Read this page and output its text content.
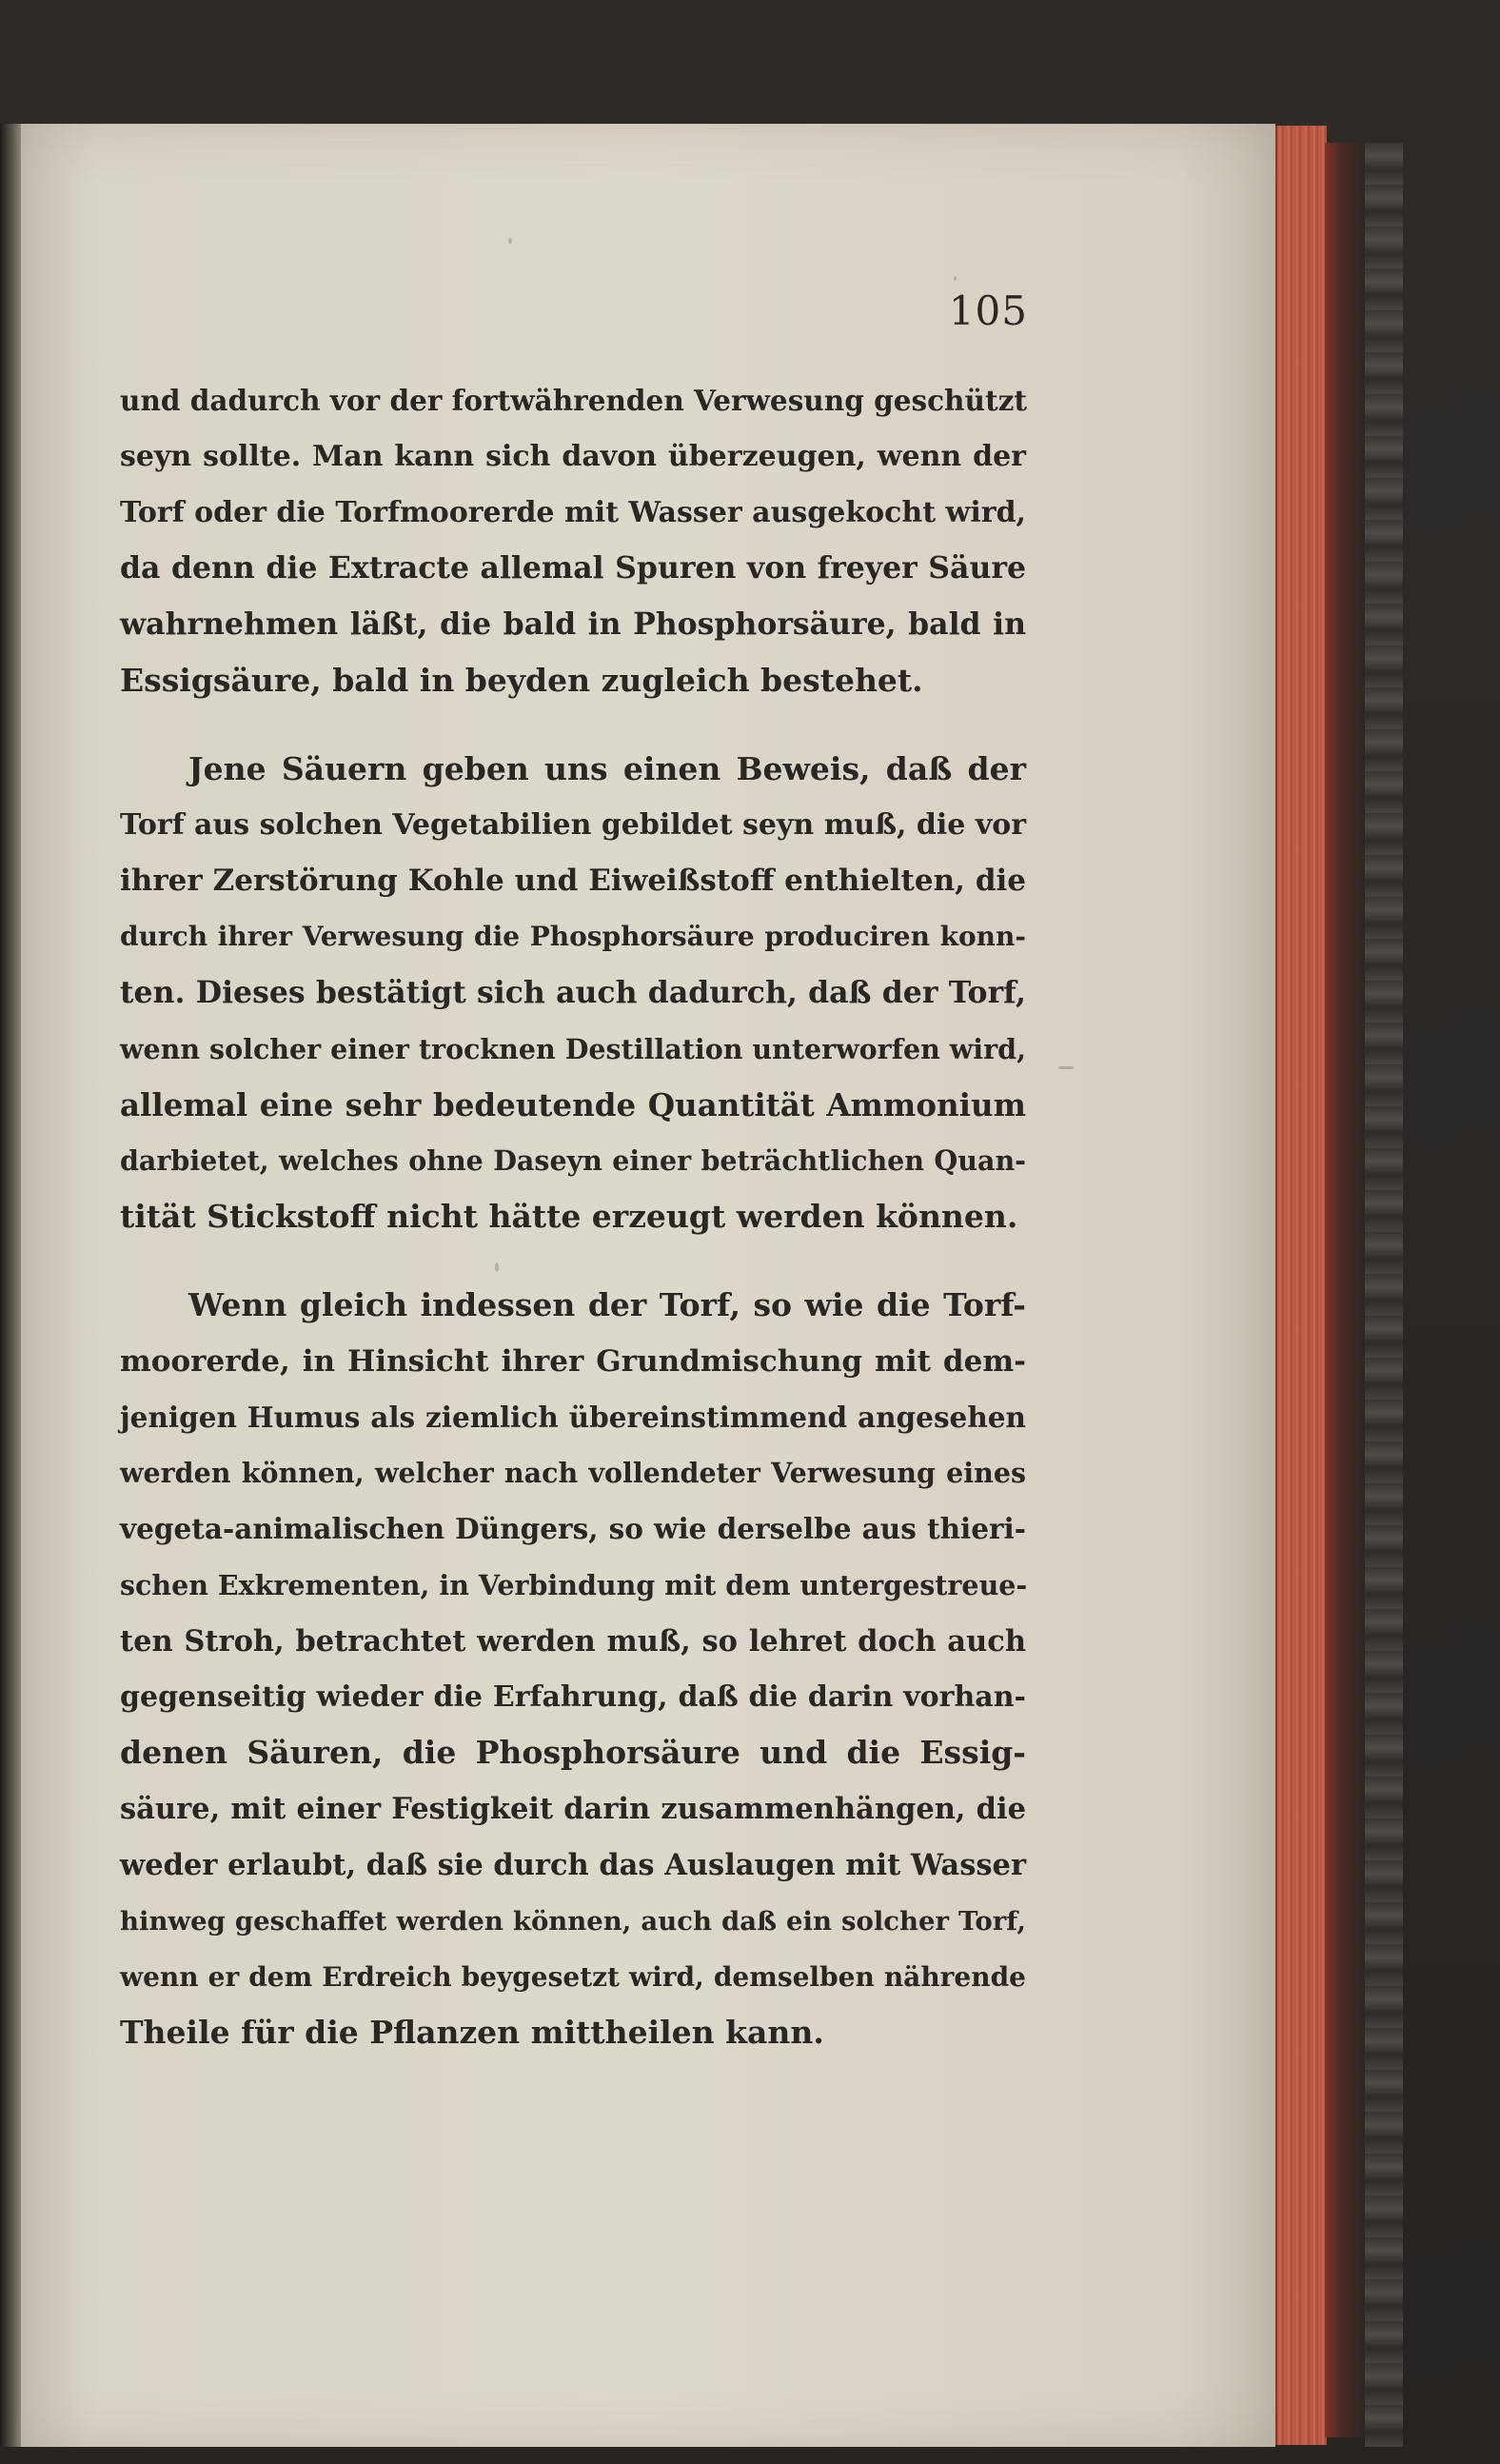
105
und dadurch vor der fortwährenden Verwesung geschützt
seyn sollte. Man kann sich davon überzeugen, wenn der
Torf oder die Torfmoorerde mit Wasser ausgekocht wird,
da denn die Extracte allemal Spuren von freyer Säure
wahrnehmen läßt, die bald in Phosphorsäure, bald in
Essigsäure, bald in beyden zugleich bestehet.
Jene Säuern geben uns einen Beweis, daß der
Torf aus solchen Vegetabilien gebildet seyn muß, die vor
ihrer Zerstörung Kohle und Eiweißstoff enthielten, die
durch ihrer Verwesung die Phosphorsäure produciren konn-
ten. Dieses bestätigt sich auch dadurch, daß der Torf,
wenn solcher einer trocknen Destillation unterworfen wird,
allemal eine sehr bedeutende Quantität Ammonium
darbietet, welches ohne Daseyn einer beträchtlichen Quan-
tität Stickstoff nicht hätte erzeugt werden können.
Wenn gleich indessen der Torf, so wie die Torf-
moorerde, in Hinsicht ihrer Grundmischung mit dem-
jenigen Humus als ziemlich übereinstimmend angesehen
werden können, welcher nach vollendeter Verwesung eines
vegeta-animalischen Düngers, so wie derselbe aus thieri-
schen Exkrementen, in Verbindung mit dem untergestreue-
ten Stroh, betrachtet werden muß, so lehret doch auch
gegenseitig wieder die Erfahrung, daß die darin vorhan-
denen Säuren, die Phosphorsäure und die Essig-
säure, mit einer Festigkeit darin zusammenhängen, die
weder erlaubt, daß sie durch das Auslaugen mit Wasser
hinweg geschaffet werden können, auch daß ein solcher Torf,
wenn er dem Erdreich beygesetzt wird, demselben nährende
Theile für die Pflanzen mittheilen kann.
